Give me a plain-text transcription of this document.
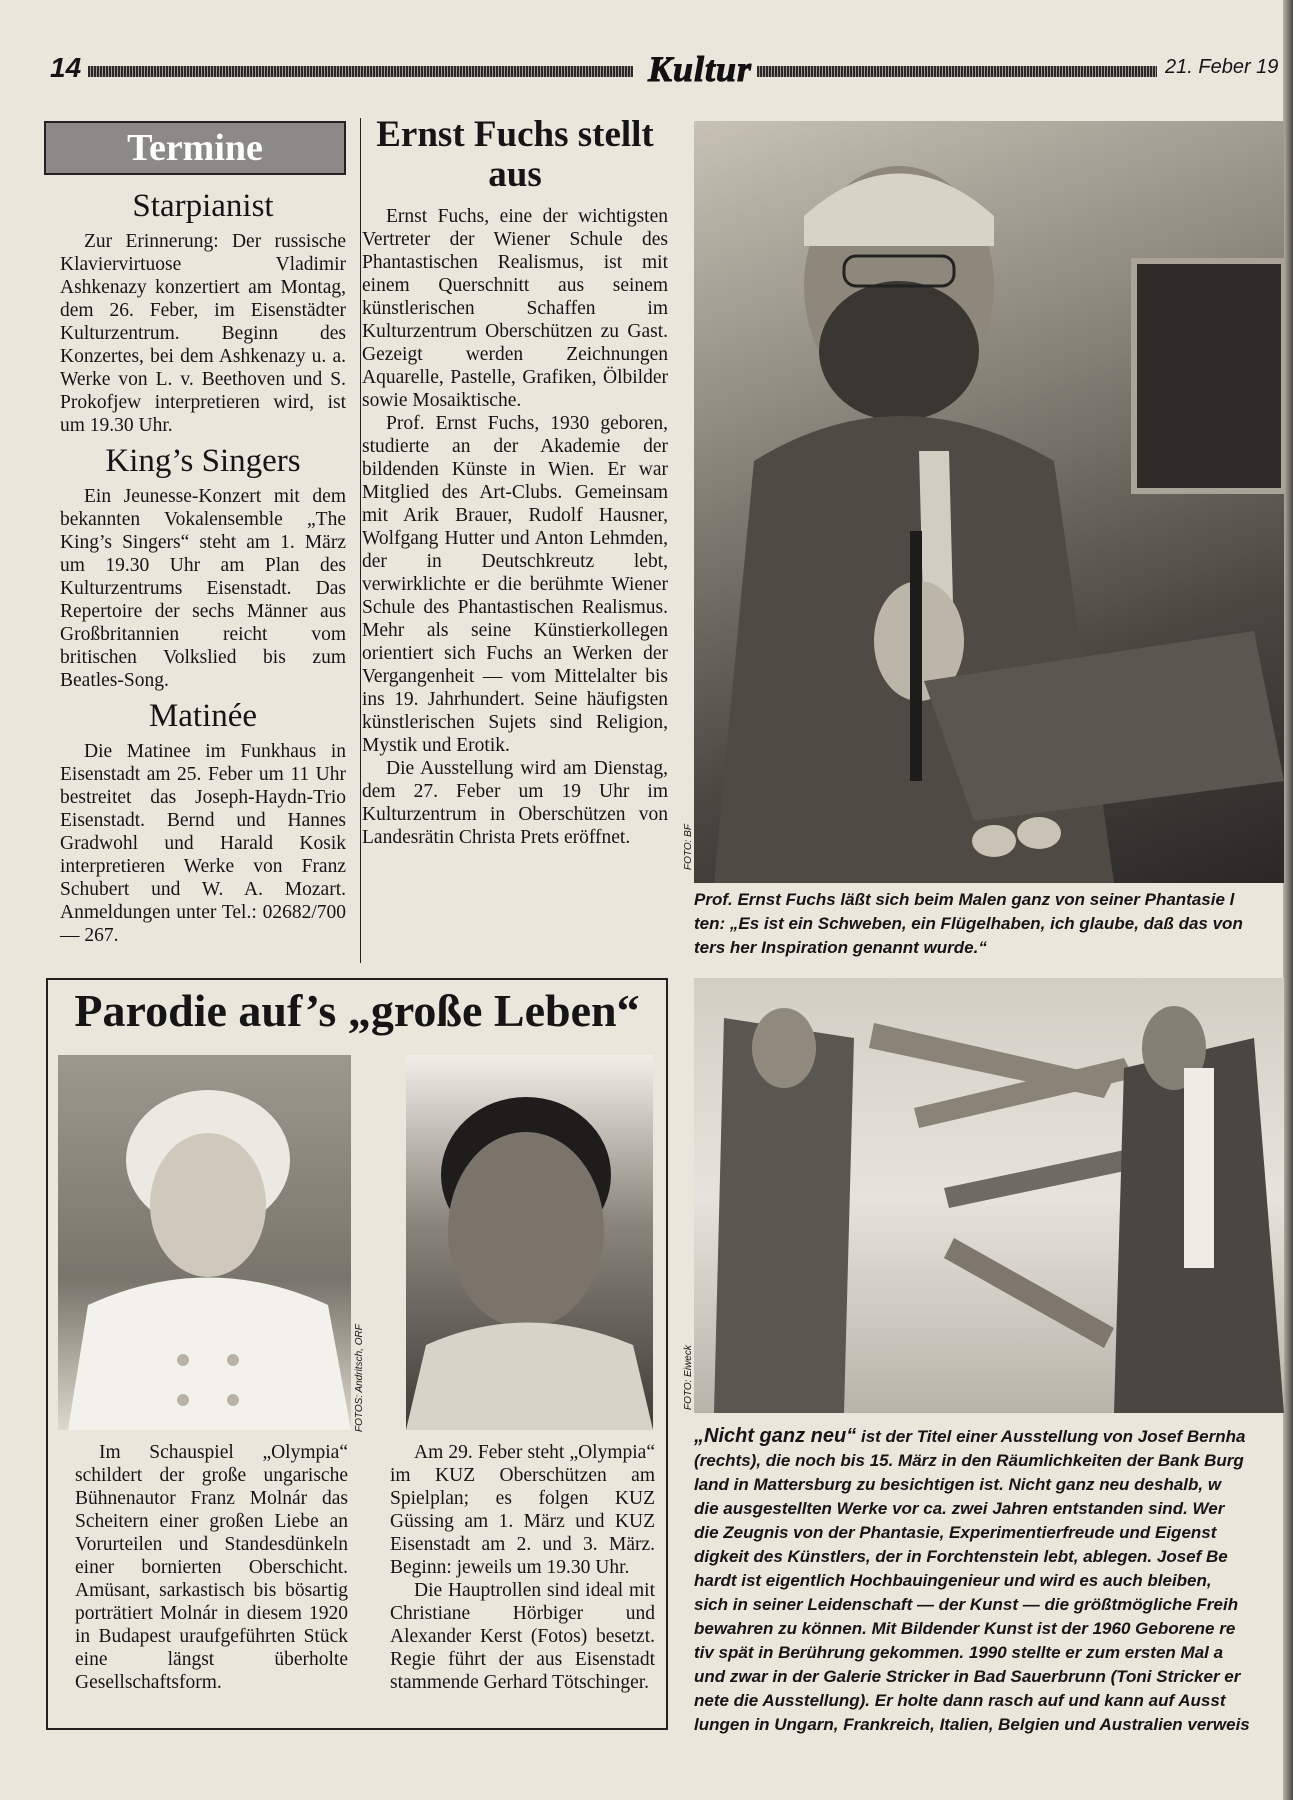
14	Kultur	21. Feber 19
Termine
Starpianist

Zur Erinnerung: Der russische Klaviervirtuose Vladimir Ashkenazy konzertiert am Montag, dem 26. Feber, im Eisenstädter Kulturzentrum. Beginn des Konzertes, bei dem Ashkenazy u. a. Werke von L. v. Beethoven und S. Prokofjew interpretieren wird, ist um 19.30 Uhr.

King’s Singers

Ein Jeunesse-Konzert mit dem bekannten Vokalensemble „The King’s Singers“ steht am 1. März um 19.30 Uhr am Plan des Kulturzentrums Eisenstadt. Das Repertoire der sechs Männer aus Großbritannien reicht vom britischen Volkslied bis zum Beatles-Song.

Matinée

Die Matinee im Funkhaus in Eisenstadt am 25. Feber um 11 Uhr bestreitet das Joseph-Haydn-Trio Eisenstadt. Bernd und Hannes Gradwohl und Harald Kosik interpretieren Werke von Franz Schubert und W. A. Mozart. Anmeldungen unter Tel.: 02682/700 — 267.

Ernst Fuchs stellt aus

Ernst Fuchs, eine der wichtigsten Vertreter der Wiener Schule des Phantastischen Realismus, ist mit einem Querschnitt aus seinem künstlerischen Schaffen im Kulturzentrum Oberschützen zu Gast. Gezeigt werden Zeichnungen Aquarelle, Pastelle, Grafiken, Ölbilder sowie Mosaiktische.

Prof. Ernst Fuchs, 1930 geboren, studierte an der Akademie der bildenden Künste in Wien. Er war Mitglied des Art-Clubs. Gemeinsam mit Arik Brauer, Rudolf Hausner, Wolfgang Hutter und Anton Lehmden, der in Deutschkreutz lebt, verwirklichte er die berühmte Wiener Schule des Phantastischen Realismus. Mehr als seine Künstierkollegen orientiert sich Fuchs an Werken der Vergangenheit — vom Mittelalter bis ins 19. Jahrhundert. Seine häufigsten künstlerischen Sujets sind Religion, Mystik und Erotik.

Die Ausstellung wird am Dienstag, dem 27. Feber um 19 Uhr im Kulturzentrum in Oberschützen von Landesrätin Christa Prets eröffnet.	FOTO: BF
Prof. Ernst Fuchs läßt sich beim Malen ganz von seiner Phantasie l
ten: „Es ist ein Schweben, ein Flügelhaben, ich glaube, daß das von
ters her Inspiration genannt wurde.“
Parodie auf’s „große Leben“
FOTOS: Andritsch, ORF

Im Schauspiel „Olympia“ schildert der große ungarische Bühnenautor Franz Molnár das Scheitern einer großen Liebe an Vorurteilen und Standesdünkeln einer bornierten Oberschicht. Amüsant, sarkastisch bis bösartig porträtiert Molnár in diesem 1920 in Budapest uraufgeführten Stück eine längst überholte Gesellschaftsform.

Am 29. Feber steht „Olympia“ im KUZ Oberschützen am Spielplan; es folgen KUZ Güssing am 1. März und KUZ Eisenstadt am 2. und 3. März. Beginn: jeweils um 19.30 Uhr.

Die Hauptrollen sind ideal mit Christiane Hörbiger und Alexander Kerst (Fotos) besetzt. Regie führt der aus Eisenstadt stammende Gerhard Tötschinger.

FOTO: Eiweck
„Nicht ganz neu“ ist der Titel einer Ausstellung von Josef Bernha
(rechts), die noch bis 15. März in den Räumlichkeiten der Bank Burg
land in Mattersburg zu besichtigen ist. Nicht ganz neu deshalb, w
die ausgestellten Werke vor ca. zwei Jahren entstanden sind. Wer
die Zeugnis von der Phantasie, Experimentierfreude und Eigenst
digkeit des Künstlers, der in Forchtenstein lebt, ablegen. Josef Be
hardt ist eigentlich Hochbauingenieur und wird es auch bleiben,
sich in seiner Leidenschaft — der Kunst — die größtmögliche Freih
bewahren zu können. Mit Bildender Kunst ist der 1960 Geborene re
tiv spät in Berührung gekommen. 1990 stellte er zum ersten Mal a
und zwar in der Galerie Stricker in Bad Sauerbrunn (Toni Stricker er
nete die Ausstellung). Er holte dann rasch auf und kann auf Ausst
lungen in Ungarn, Frankreich, Italien, Belgien und Australien verweis
